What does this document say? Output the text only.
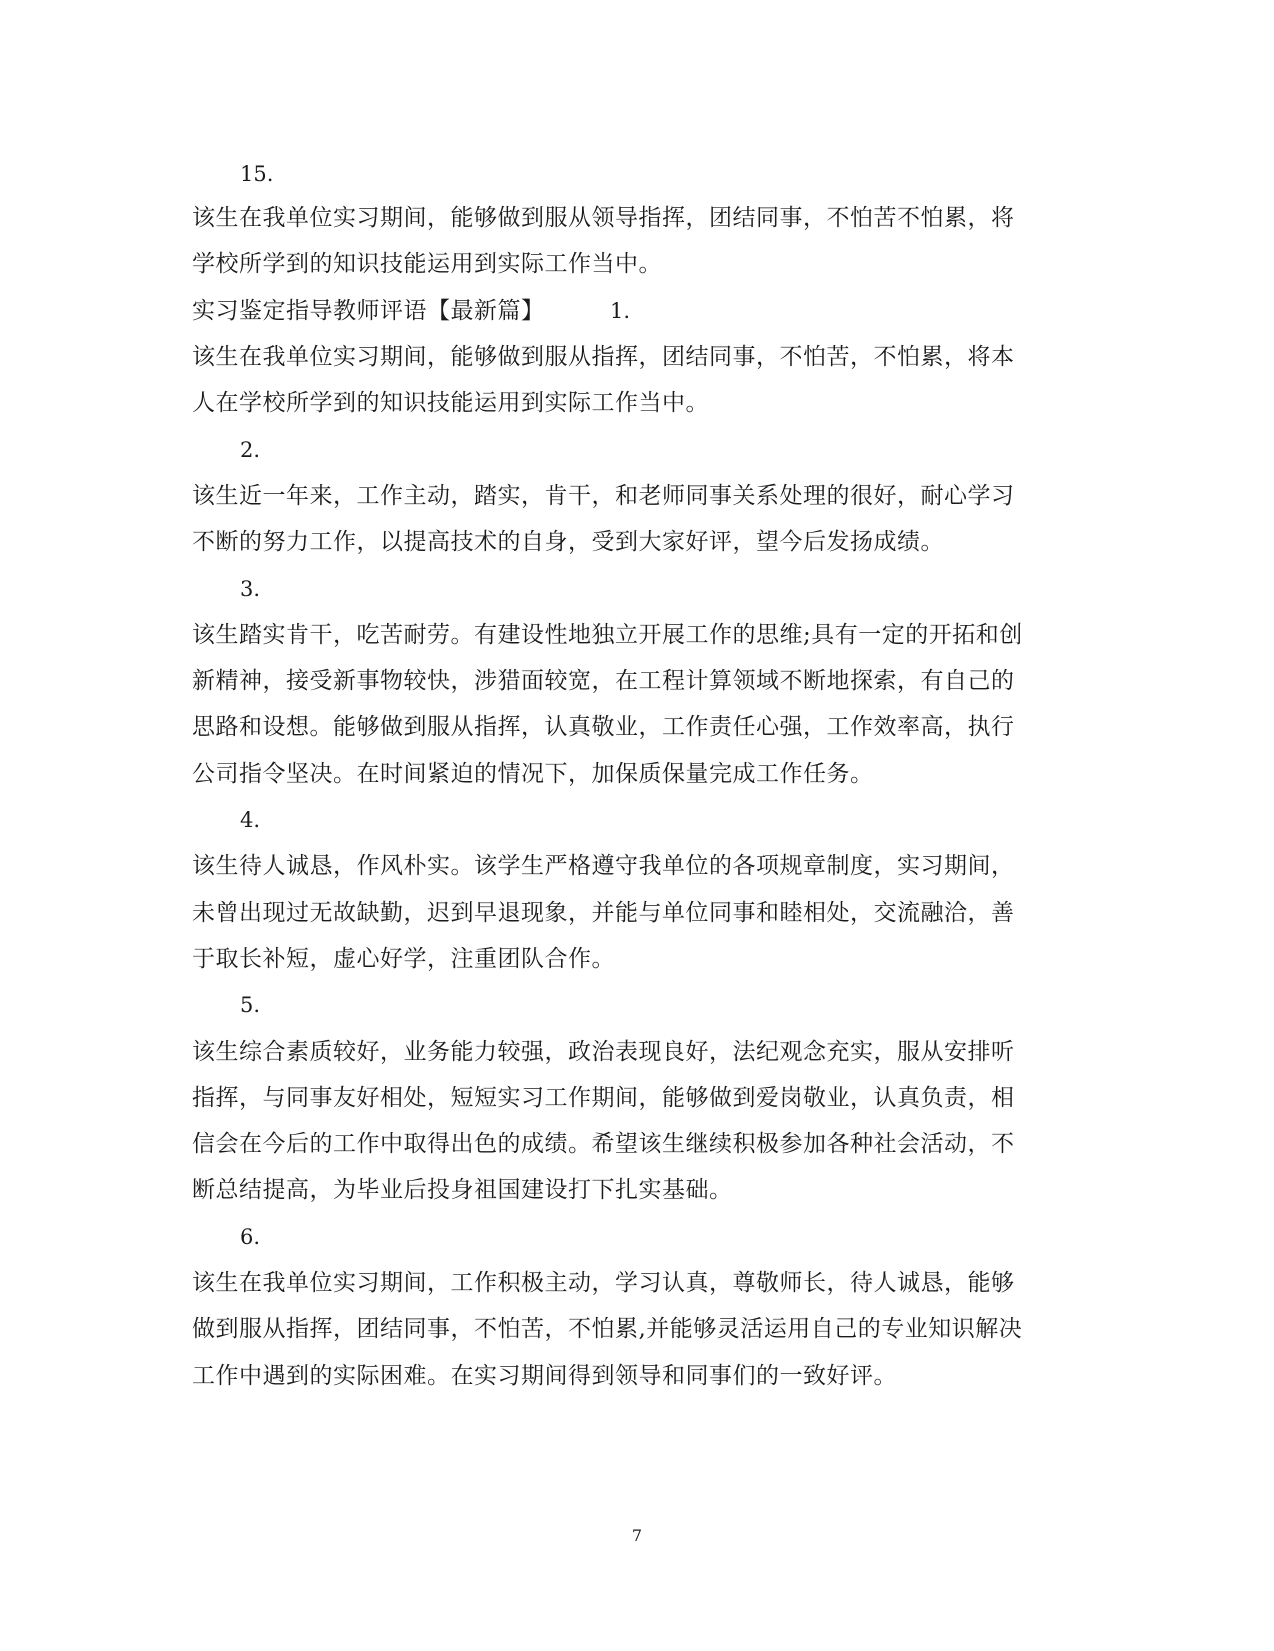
15.
该生在我单位实习期间，能够做到服从领导指挥，团结同事，不怕苦不怕累，将
学校所学到的知识技能运用到实际工作当中。
实习鉴定指导教师评语【最新篇】	1.
该生在我单位实习期间，能够做到服从指挥，团结同事，不怕苦，不怕累，将本
人在学校所学到的知识技能运用到实际工作当中。
2.
该生近一年来，工作主动，踏实，肯干，和老师同事关系处理的很好，耐心学习
不断的努力工作，以提高技术的自身，受到大家好评，望今后发扬成绩。
3.
该生踏实肯干，吃苦耐劳。有建设性地独立开展工作的思维;具有一定的开拓和创
新精神，接受新事物较快，涉猎面较宽，在工程计算领域不断地探索，有自己的
思路和设想。能够做到服从指挥，认真敬业，工作责任心强，工作效率高，执行
公司指令坚决。在时间紧迫的情况下，加保质保量完成工作任务。
4.
该生待人诚恳，作风朴实。该学生严格遵守我单位的各项规章制度，实习期间，
未曾出现过无故缺勤，迟到早退现象，并能与单位同事和睦相处，交流融洽，善
于取长补短，虚心好学，注重团队合作。
5.
该生综合素质较好，业务能力较强，政治表现良好，法纪观念充实，服从安排听
指挥，与同事友好相处，短短实习工作期间，能够做到爱岗敬业，认真负责，相
信会在今后的工作中取得出色的成绩。希望该生继续积极参加各种社会活动，不
断总结提高，为毕业后投身祖国建设打下扎实基础。
6.
该生在我单位实习期间，工作积极主动，学习认真，尊敬师长，待人诚恳，能够
做到服从指挥，团结同事，不怕苦，不怕累,并能够灵活运用自己的专业知识解决
工作中遇到的实际困难。在实习期间得到领导和同事们的一致好评。
7
